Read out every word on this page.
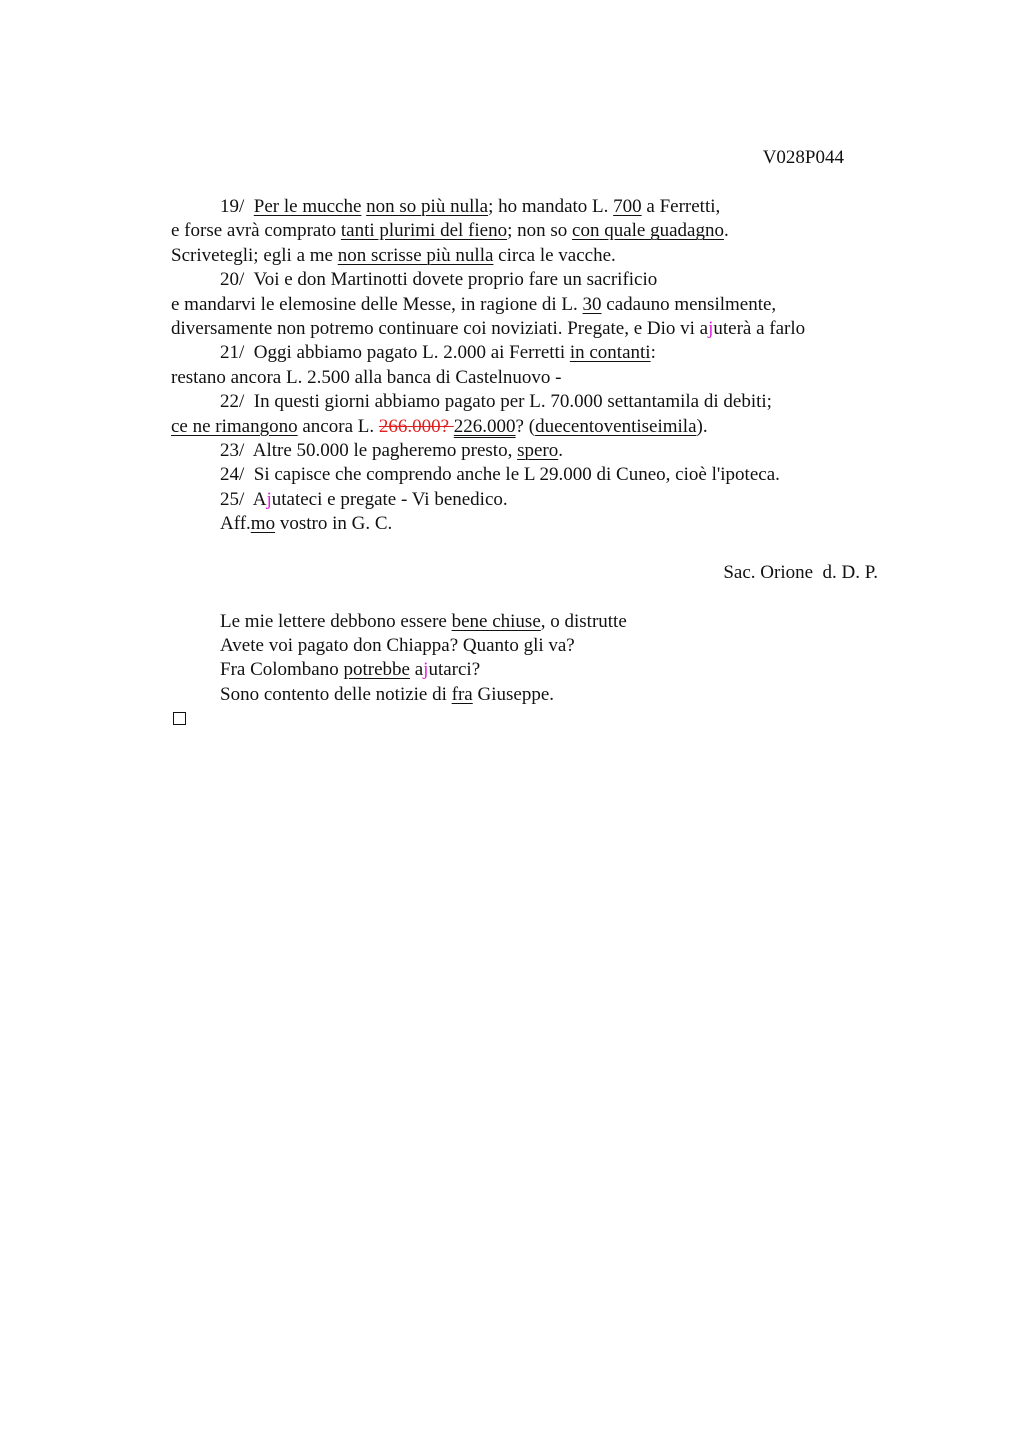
V028P044
19/ Per le mucche non so più nulla; ho mandato L. 700 a Ferretti,
e forse avrà comprato tanti plurimi del fieno; non so con quale guadagno.
Scrivetegli; egli a me non scrisse più nulla circa le vacche.
20/ Voi e don Martinotti dovete proprio fare un sacrificio
e mandarvi le elemosine delle Messe, in ragione di L. 30 cadauno mensilmente,
diversamente non potremo continuare coi noviziati. Pregate, e Dio vi ajuterà a farlo
21/ Oggi abbiamo pagato L. 2.000 ai Ferretti in contanti:
restano ancora L. 2.500 alla banca di Castelnuovo -
22/ In questi giorni abbiamo pagato per L. 70.000 settantamila di debiti;
ce ne rimangono ancora L. 266.000? 226.000? (duecentoventiseimila).
23/ Altre 50.000 le pagheremo presto, spero.
24/ Si capisce che comprendo anche le L 29.000 di Cuneo, cioè l'ipoteca.
25/ Ajutateci e pregate - Vi benedico.
Aff.mo vostro in G. C.
Sac. Orione  d. D. P.
Le mie lettere debbono essere bene chiuse, o distrutte
Avete voi pagato don Chiappa? Quanto gli va?
Fra Colombano potrebbe ajutarci?
Sono contento delle notizie di fra Giuseppe.
